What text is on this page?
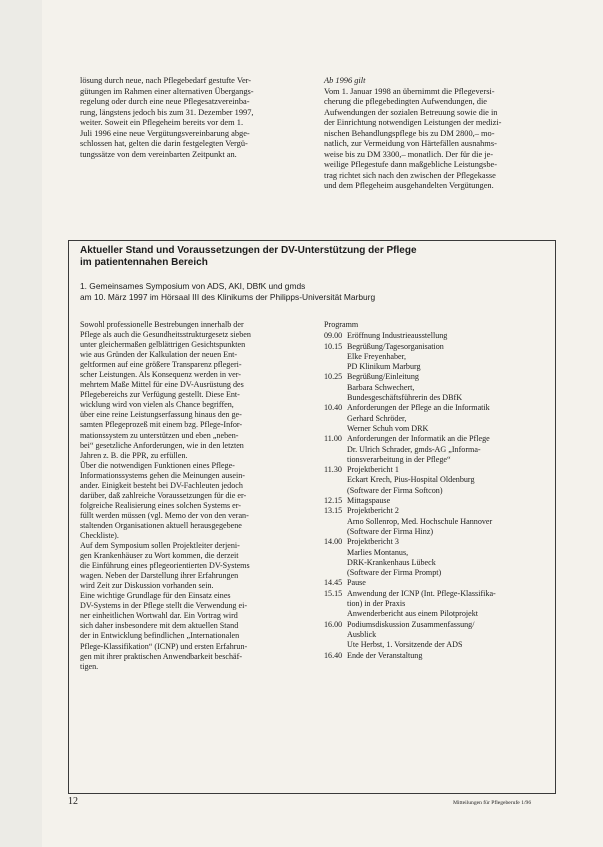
lösung durch neue, nach Pflegebedarf gestufte Ver-
gütungen im Rahmen einer alternativen Übergangs-
regelung oder durch eine neue Pflegesatzvereinba-
rung, längstens jedoch bis zum 31. Dezember 1997,
weiter. Soweit ein Pflegeheim bereits vor dem 1.
Juli 1996 eine neue Vergütungsvereinbarung abge-
schlossen hat, gelten die darin festgelegten Vergü-
tungssätze von dem vereinbarten Zeitpunkt an.
Ab 1996 gilt
Vom 1. Januar 1998 an übernimmt die Pflegeversi-
cherung die pflegebedingten Aufwendungen, die
Aufwendungen der sozialen Betreuung sowie die in
der Einrichtung notwendigen Leistungen der medizi-
nischen Behandlungspflege bis zu DM 2800,– mo-
natlich, zur Vermeidung von Härtefällen ausnahms-
weise bis zu DM 3300,– monatlich. Der für die je-
weilige Pflegestufe dann maßgebliche Leistungsbe-
trag richtet sich nach den zwischen der Pflegekasse
und dem Pflegeheim ausgehandelten Vergütungen.
Aktueller Stand und Voraussetzungen der DV-Unterstützung der Pflege
im patientennahen Bereich
1. Gemeinsames Symposium von ADS, AKI, DBfK und gmds
am 10. März 1997 im Hörsaal III des Klinikums der Philipps-Universität Marburg
Sowohl professionelle Bestrebungen innerhalb der
Pflege als auch die Gesundheitsstrukturgesetz sieben
unter gleichermaßen gelblättrigen Gesichtspunkten
wie aus Gründen der Kalkulation der neuen Ent-
geltformen auf eine größere Transparenz pflegeri-
scher Leistungen. Als Konsequenz werden in ver-
mehrtem Maße Mittel für eine DV-Ausrüstung des
Pflegebereichs zur Verfügung gestellt. Diese Ent-
wicklung wird von vielen als Chance begriffen,
über eine reine Leistungserfassung hinaus den ge-
samten Pflegeprozeß mit einem bzg. Pflege-Infor-
mationssystem zu unterstützen und eben „neben-
bei“ gesetzliche Anforderungen, wie in den letzten
Jahren z. B. die PPR, zu erfüllen.
Über die notwendigen Funktionen eines Pflege-
Informationssystems gehen die Meinungen ausein-
ander. Einigkeit besteht bei DV-Fachleuten jedoch
darüber, daß zahlreiche Voraussetzungen für die er-
folgreiche Realisierung eines solchen Systems er-
füllt werden müssen (vgl. Memo der von den veran-
staltenden Organisationen aktuell herausgegebene
Checkliste).
Auf dem Symposium sollen Projektleiter derjeni-
gen Krankenhäuser zu Wort kommen, die derzeit
die Einführung eines pflegeorientierten DV-Systems
wagen. Neben der Darstellung ihrer Erfahrungen
wird Zeit zur Diskussion vorhanden sein.
Eine wichtige Grundlage für den Einsatz eines
DV-Systems in der Pflege stellt die Verwendung ei-
ner einheitlichen Wortwahl dar. Ein Vortrag wird
sich daher insbesondere mit dem aktuellen Stand
der in Entwicklung befindlichen „Internationalen
Pflege-Klassifikation“ (ICNP) und ersten Erfahrun-
gen mit ihrer praktischen Anwendbarkeit beschäf-
tigen.
Programm
09.00 Eröffnung Industrieausstellung
10.15 Begrüßung/Tagesorganisation
Elke Freyenhaber,
PD Klinikum Marburg
10.25 Begrüßung/Einleitung
Barbara Schwechert,
Bundesgeschäftsführerin des DBfK
10.40 Anforderungen der Pflege an die Informatik
Gerhard Schröder,
Werner Schuh vom DRK
11.00 Anforderungen der Informatik an die Pflege
Dr. Ulrich Schrader, gmds-AG „Informa-
tionsverarbeitung in der Pflege“
11.30 Projektbericht 1
Eckart Krech, Pius-Hospital Oldenburg
(Software der Firma Softcon)
12.15 Mittagspause
13.15 Projektbericht 2
Arno Sollenrop, Med. Hochschule Hannover
(Software der Firma Hinz)
14.00 Projektbericht 3
Marlies Montanus,
DRK-Krankenhaus Lübeck
(Software der Firma Prompt)
14.45 Pause
15.15 Anwendung der ICNP (Int. Pflege-Klassifika-
tion) in der Praxis
Anwenderbericht aus einem Pilotprojekt
16.00 Podiumsdiskussion Zusammenfassung/
Ausblick
Ute Herbst, 1. Vorsitzende der ADS
16.40 Ende der Veranstaltung
12	Mitteilungen für Pflegeberufe 1/96
